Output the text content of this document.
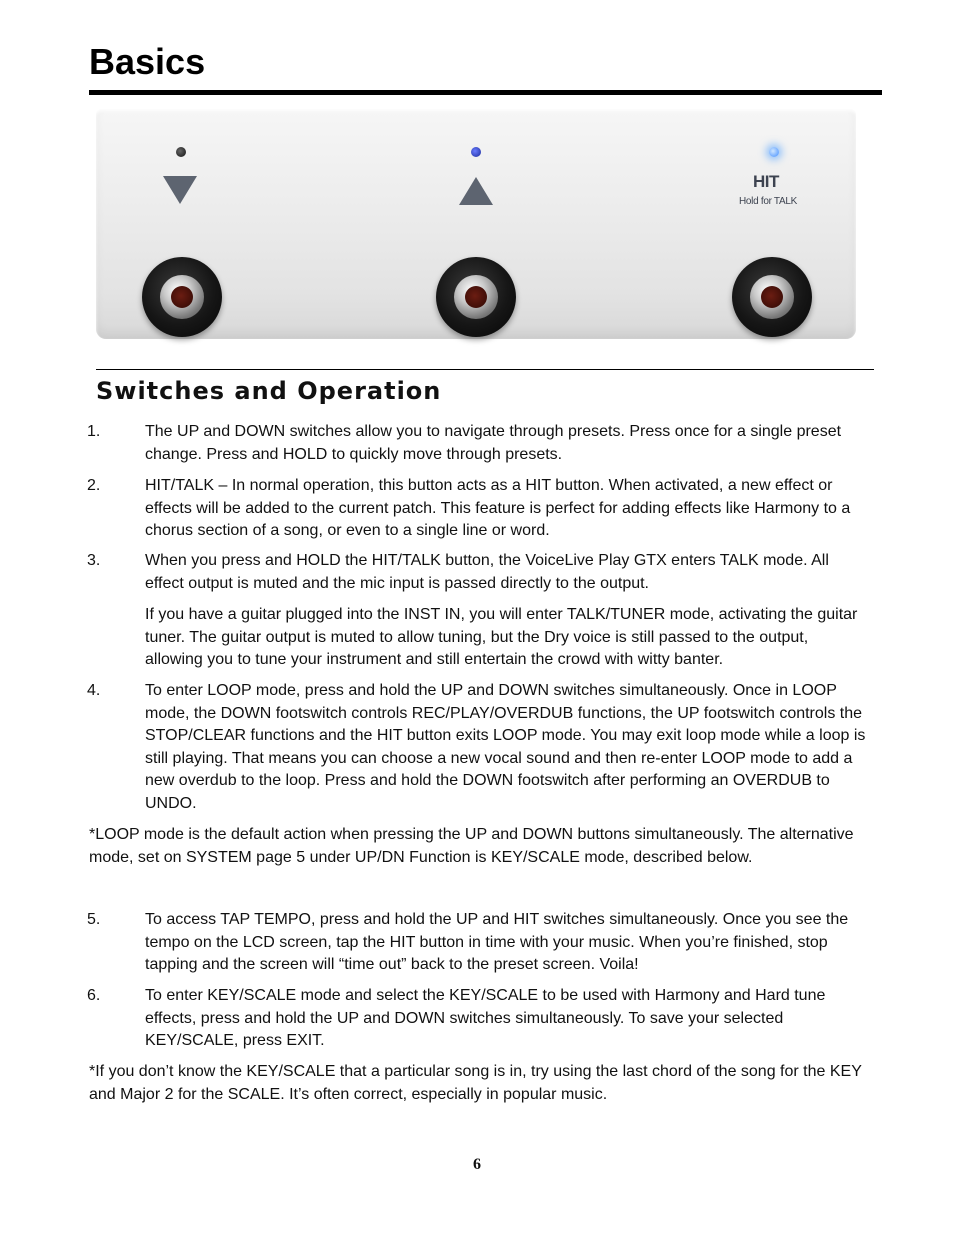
Basics
HIT
Hold for TALK
Switches and Operation
1.	The UP and DOWN switches allow you to navigate through presets. Press once for a single preset change. Press and HOLD to quickly move through presets.
2.	HIT/TALK – In normal operation, this button acts as a HIT button. When activated, a new effect or effects will be added to the current patch. This feature is perfect for adding effects like Harmony to a chorus section of a song, or even to a single line or word.
3.	When you press and HOLD the HIT/TALK button, the VoiceLive Play GTX enters TALK mode. All effect output is muted and the mic input is passed directly to the output.
If you have a guitar plugged into the INST IN, you will enter TALK/TUNER mode, activating the guitar tuner. The guitar output is muted to allow tuning, but the Dry voice is still passed to the output, allowing you to tune your instrument and still entertain the crowd with witty banter.
4.	To enter LOOP mode, press and hold the UP and DOWN switches simultaneously. Once in LOOP mode, the DOWN footswitch controls REC/PLAY/OVERDUB functions, the UP footswitch controls the STOP/CLEAR functions and the HIT button exits LOOP mode. You may exit loop mode while a loop is still playing. That means you can choose a new vocal sound and then re-enter LOOP mode to add a new overdub to the loop. Press and hold the DOWN footswitch after performing an OVERDUB to UNDO.
*LOOP mode is the default action when pressing the UP and DOWN buttons simultaneously. The alternative mode, set on SYSTEM page 5 under UP/DN Function is KEY/SCALE mode, described below.
5.	To access TAP TEMPO, press and hold the UP and HIT switches simultaneously. Once you see the tempo on the LCD screen, tap the HIT button in time with your music. When you’re finished, stop tapping and the screen will “time out” back to the preset screen. Voila!
6.	To enter KEY/SCALE mode and select the KEY/SCALE to be used with Harmony and Hard tune effects, press and hold the UP and DOWN switches simultaneously. To save your selected KEY/SCALE, press EXIT.
*If you don’t know the KEY/SCALE that a particular song is in, try using the last chord of the song for the KEY and Major 2 for the SCALE. It’s often correct, especially in popular music.
6
